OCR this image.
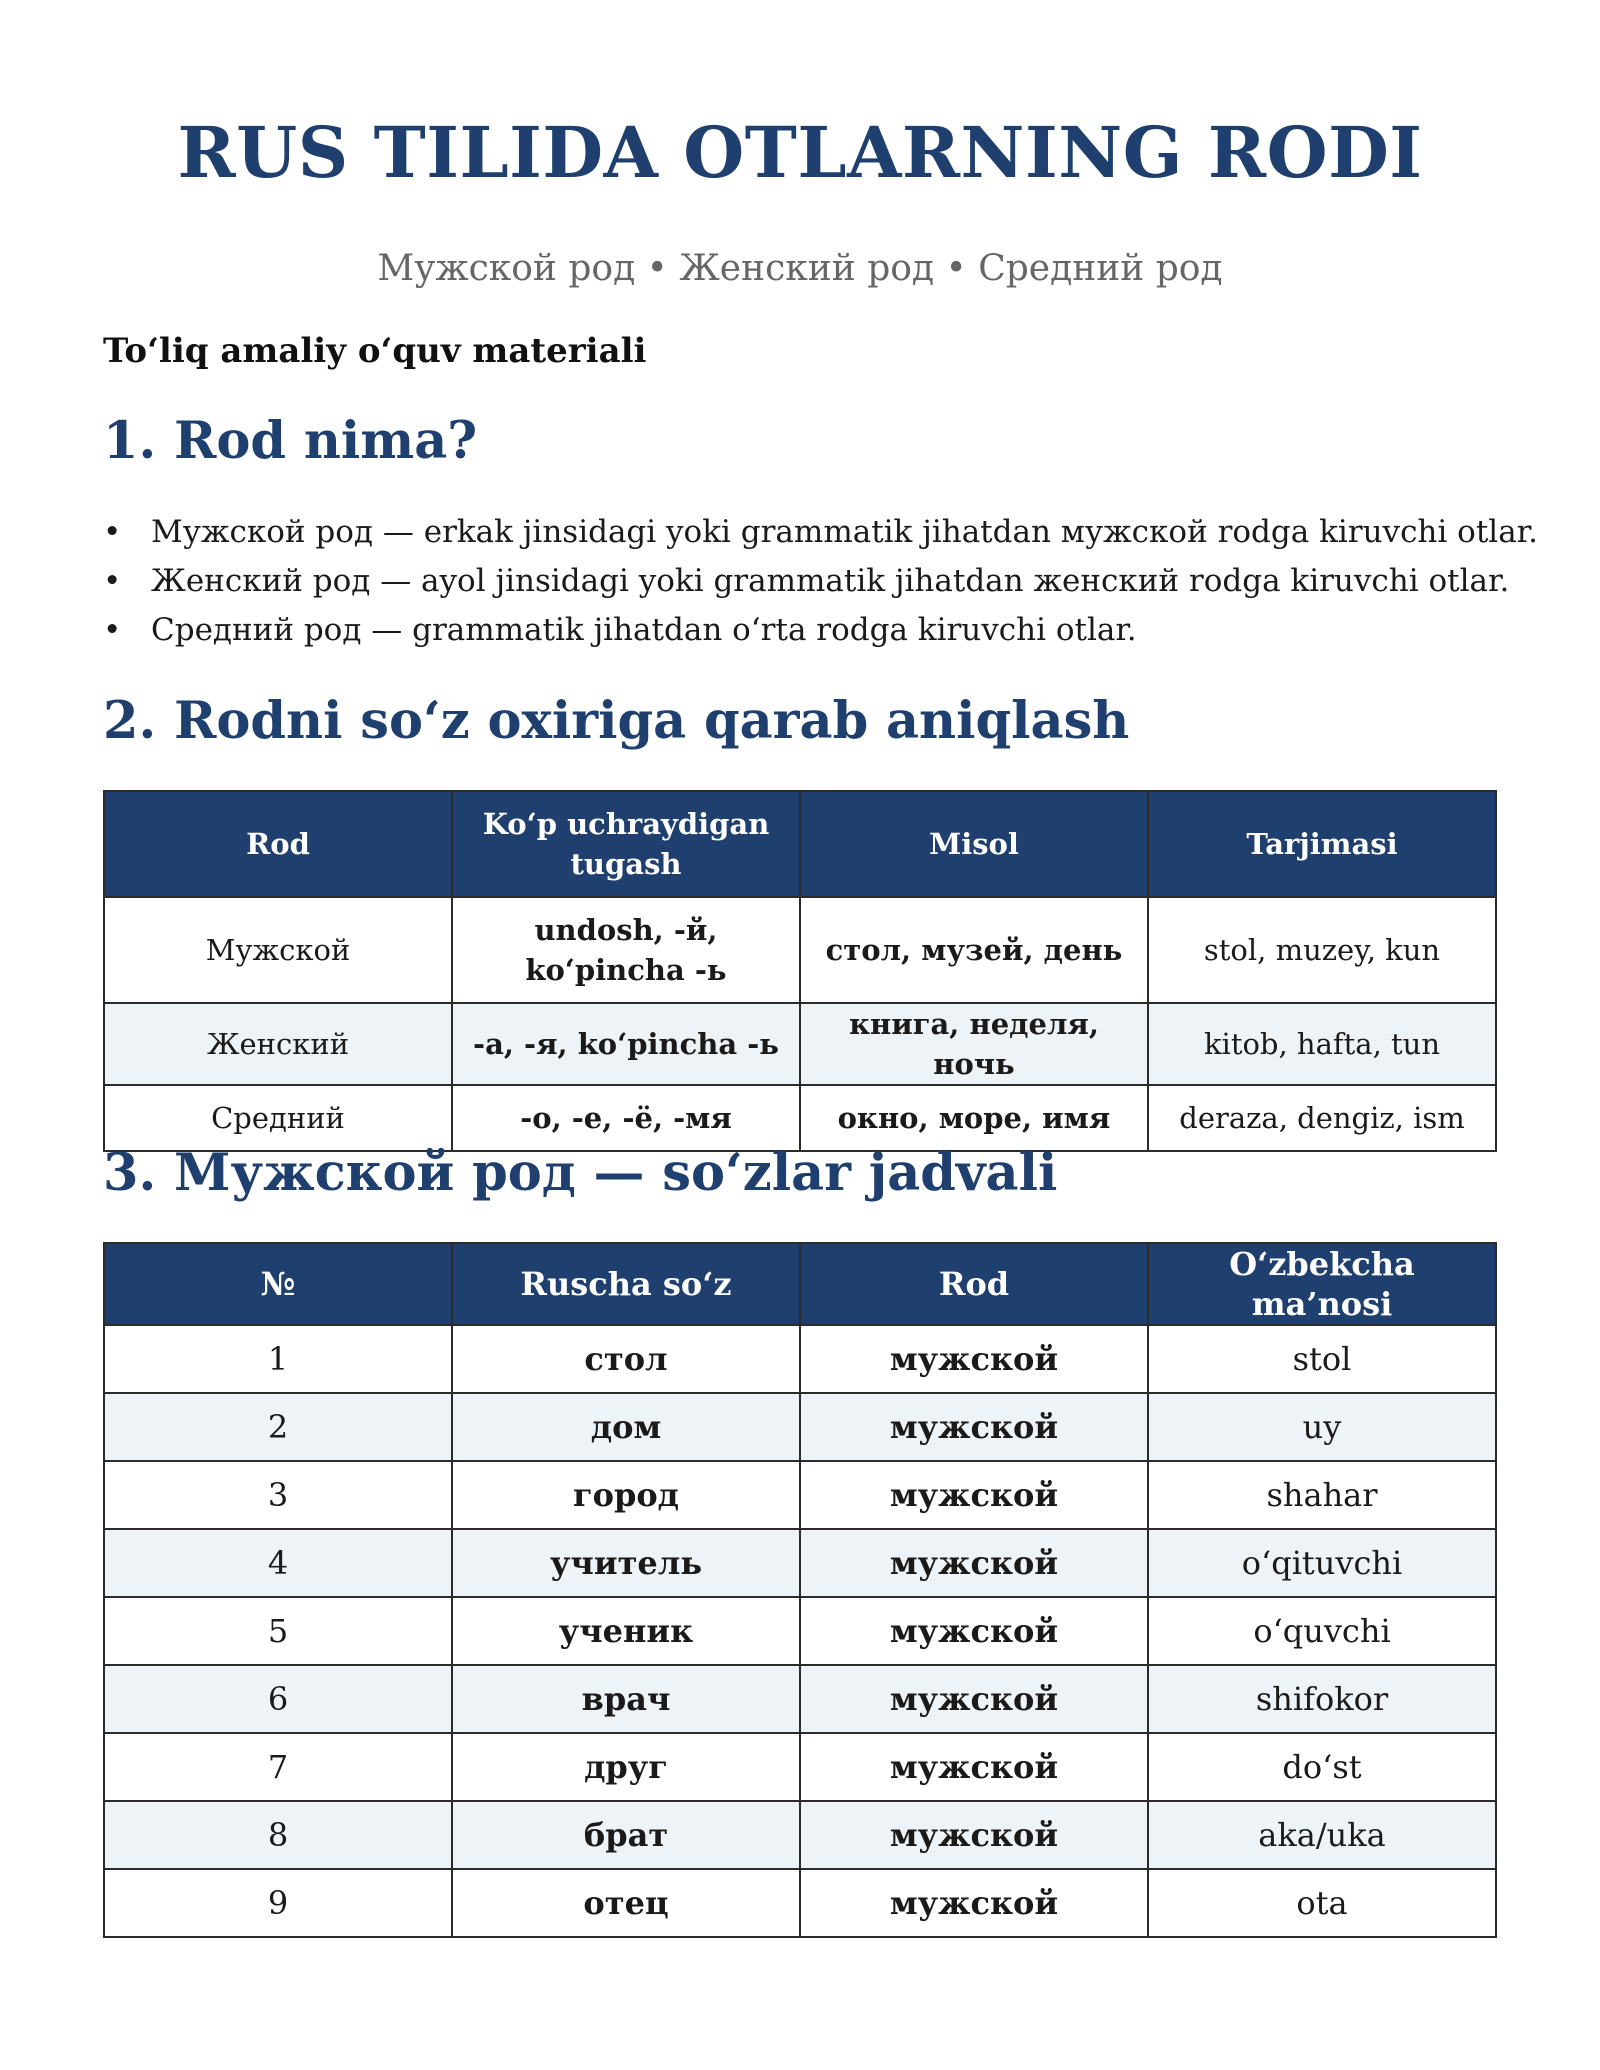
RUS TILIDA OTLARNING RODI

Мужской род • Женский род • Средний род

To‘liq amaliy o‘quv materiali

1. Rod nima?
• Мужской род — erkak jinsidagi yoki grammatik jihatdan мужской rodga kiruvchi otlar.
• Женский род — ayol jinsidagi yoki grammatik jihatdan женский rodga kiruvchi otlar.
• Средний род — grammatik jihatdan o‘rta rodga kiruvchi otlar.
2. Rodni so‘z oxiriga qarab aniqlash
Rod	Ko‘p uchraydigan tugash	Misol	Tarjimasi
Мужской	undosh, -й, ko‘pincha -ь	стол, музей, день	stol, muzey, kun
Женский	-а, -я, ko‘pincha -ь	книга, неделя, ночь	kitob, hafta, tun
Средний	-о, -е, -ё, -мя	окно, море, имя	deraza, dengiz, ism
3. Мужской род — so‘zlar jadvali
№	Ruscha so‘z	Rod	O‘zbekcha ma’nosi
1	стол	мужской	stol
2	дом	мужской	uy
3	город	мужской	shahar
4	учитель	мужской	o‘qituvchi
5	ученик	мужской	o‘quvchi
6	врач	мужской	shifokor
7	друг	мужской	do‘st
8	брат	мужской	aka/uka
9	отец	мужской	ota
